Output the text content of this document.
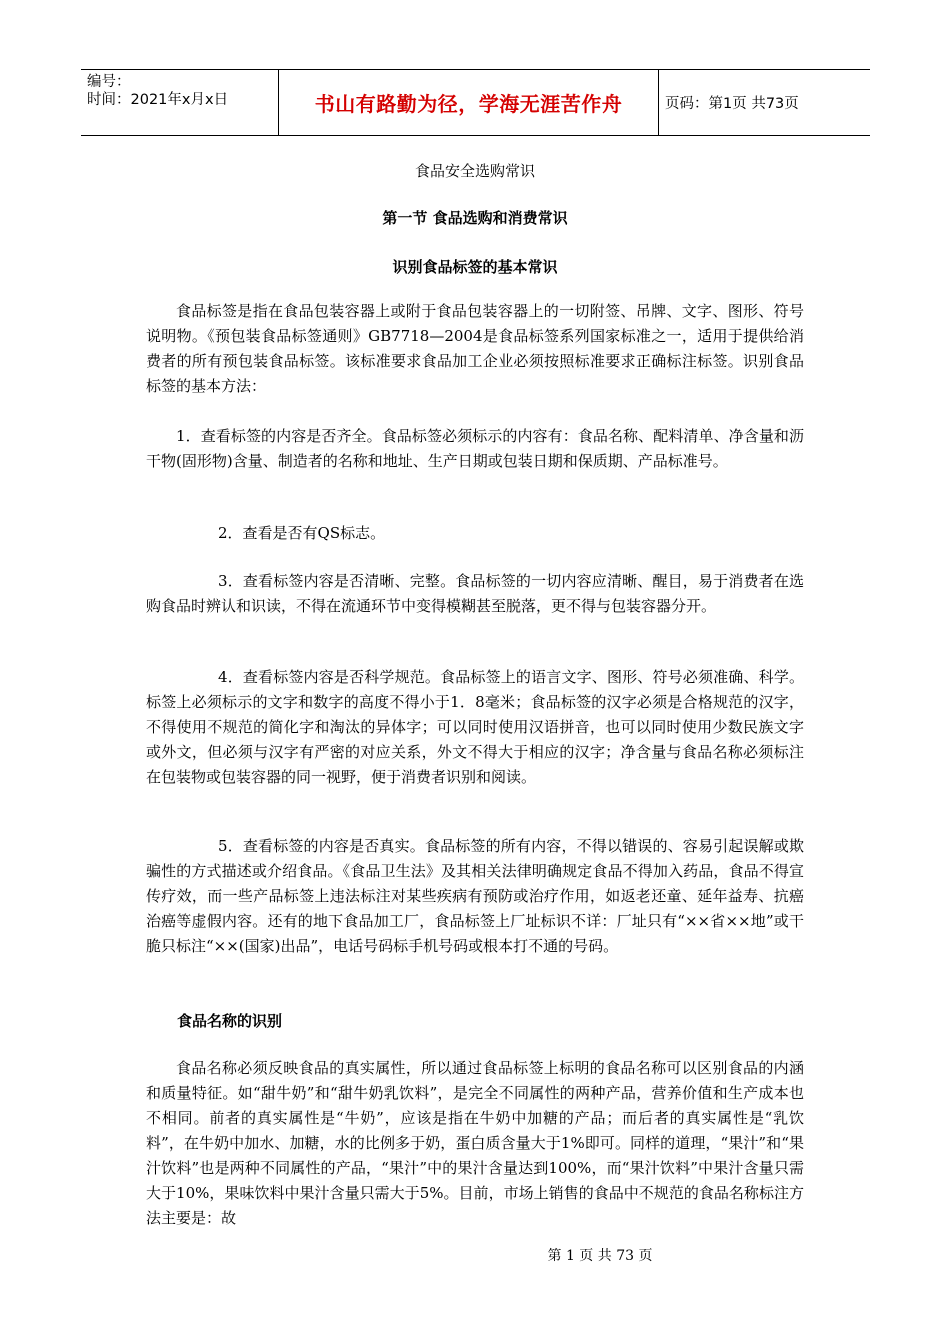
编号：
时间：2021年x月x日	书山有路勤为径，学海无涯苦作舟	页码：第1页 共73页
食品安全选购常识
第一节 食品选购和消费常识
识别食品标签的基本常识

食品标签是指在食品包装容器上或附于食品包装容器上的一切附签、吊牌、文字、图形、符号说明物。《预包装食品标签通则》GB7718—2004是食品标签系列国家标准之一，适用于提供给消费者的所有预包装食品标签。该标准要求食品加工企业必须按照标准要求正确标注标签。识别食品标签的基本方法：

1．查看标签的内容是否齐全。食品标签必须标示的内容有：食品名称、配料清单、净含量和沥干物(固形物)含量、制造者的名称和地址、生产日期或包装日期和保质期、产品标准号。

2．查看是否有QS标志。

3．查看标签内容是否清晰、完整。食品标签的一切内容应清晰、醒目，易于消费者在选购食品时辨认和识读，不得在流通环节中变得模糊甚至脱落，更不得与包装容器分开。

4．查看标签内容是否科学规范。食品标签上的语言文字、图形、符号必须准确、科学。标签上必须标示的文字和数字的高度不得小于1．8毫米；食品标签的汉字必须是合格规范的汉字，不得使用不规范的简化字和淘汰的异体字；可以同时使用汉语拼音，也可以同时使用少数民族文字或外文，但必须与汉字有严密的对应关系，外文不得大于相应的汉字；净含量与食品名称必须标注在包装物或包装容器的同一视野，便于消费者识别和阅读。

5．查看标签的内容是否真实。食品标签的所有内容，不得以错误的、容易引起误解或欺骗性的方式描述或介绍食品。《食品卫生法》及其相关法律明确规定食品不得加入药品，食品不得宣传疗效，而一些产品标签上违法标注对某些疾病有预防或治疗作用，如返老还童、延年益寿、抗癌治癌等虚假内容。还有的地下食品加工厂，食品标签上厂址标识不详：厂址只有“××省××地”或干脆只标注“××(国家)出品”，电话号码标手机号码或根本打不通的号码。

食品名称的识别

食品名称必须反映食品的真实属性，所以通过食品标签上标明的食品名称可以区别食品的内涵和质量特征。如“甜牛奶”和“甜牛奶乳饮料”，是完全不同属性的两种产品，营养价值和生产成本也不相同。前者的真实属性是“牛奶”，应该是指在牛奶中加糖的产品；而后者的真实属性是“乳饮料”，在牛奶中加水、加糖，水的比例多于奶，蛋白质含量大于1%即可。同样的道理，“果汁”和“果汁饮料”也是两种不同属性的产品，“果汁”中的果汁含量达到100%，而“果汁饮料”中果汁含量只需大于10%，果味饮料中果汁含量只需大于5%。目前，市场上销售的食品中不规范的食品名称标注方法主要是：故

第 1 页 共 73 页
